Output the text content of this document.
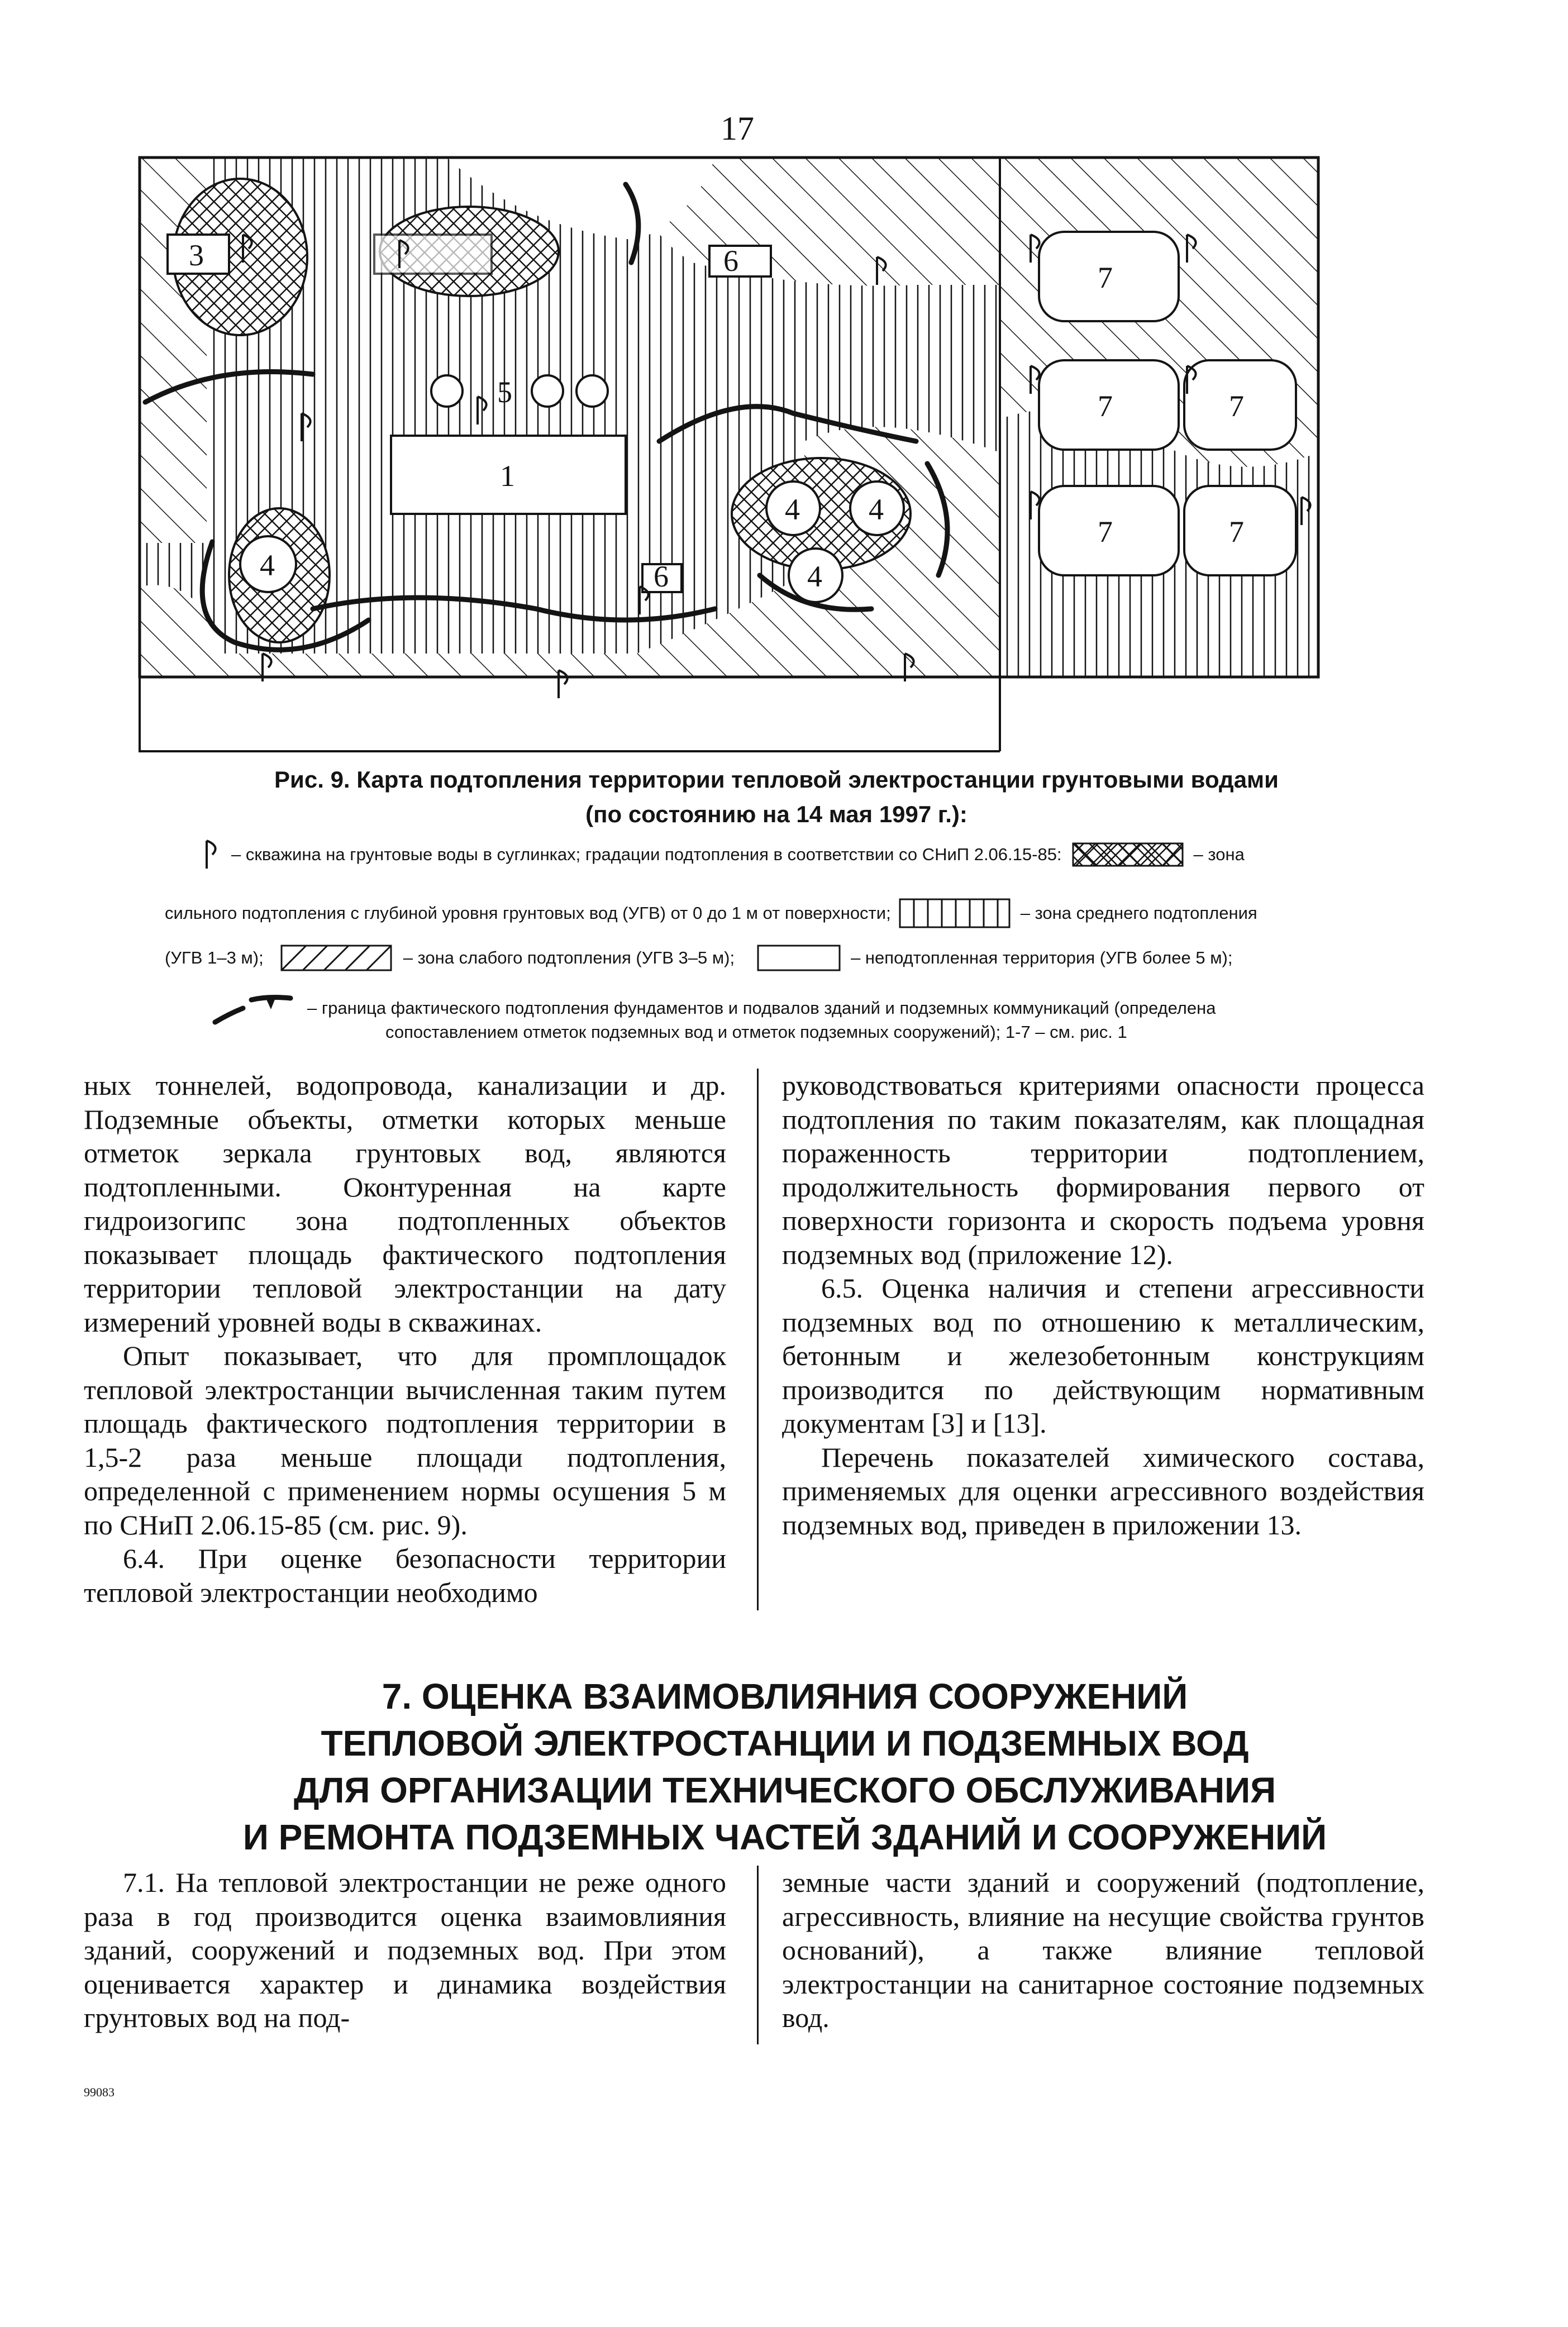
17
3
5
1
6
6
4 4
4
4
7
7	7
7	7
Рис. 9. Карта подтопления территории тепловой электростанции грунтовыми водами
(по состоянию на 14 мая 1997 г.):
– скважина на грунтовые воды в суглинках; градации подтопления в соответствии со СНиП 2.06.15-85:	– зона
сильного подтопления с глубиной уровня грунтовых вод (УГВ) от 0 до 1 м от поверхности;	– зона среднего подтопления
(УГВ 1–3 м);	– зона слабого подтопления (УГВ 3–5 м);	– неподтопленная территория (УГВ более 5 м);
– граница фактического подтопления фундаментов и подвалов зданий и подземных коммуникаций (определена
сопоставлением отметок подземных вод и отметок подземных сооружений); 1-7 – см. рис. 1

ных тоннелей, водопровода, канализации и др. Подземные объекты, отметки которых меньше отметок зеркала грунтовых вод, являются подтопленными. Оконтуренная на карте гидроизогипс зона подтопленных объектов показывает площадь фактического подтопления территории тепловой электростанции на дату измерений уровней воды в скважинах.

Опыт показывает, что для промплощадок тепловой электростанции вычисленная таким путем площадь фактического подтопления территории в 1,5-2 раза меньше площади подтопления, определенной с применением нормы осушения 5 м по СНиП 2.06.15-85 (см. рис. 9).

6.4. При оценке безопасности территории тепловой электростанции необходимо

руководствоваться критериями опасности процесса подтопления по таким показателям, как площадная пораженность территории подтоплением, продолжительность формирования первого от поверхности горизонта и скорость подъема уровня подземных вод (приложение 12).

6.5. Оценка наличия и степени агрессивности подземных вод по отношению к металлическим, бетонным и железобетонным конструкциям производится по действующим нормативным документам [3] и [13].

Перечень показателей химического состава, применяемых для оценки агрессивного воздействия подземных вод, приведен в приложении 13.

7. ОЦЕНКА ВЗАИМОВЛИЯНИЯ СООРУЖЕНИЙ
ТЕПЛОВОЙ ЭЛЕКТРОСТАНЦИИ И ПОДЗЕМНЫХ ВОД
ДЛЯ ОРГАНИЗАЦИИ ТЕХНИЧЕСКОГО ОБСЛУЖИВАНИЯ
И РЕМОНТА ПОДЗЕМНЫХ ЧАСТЕЙ ЗДАНИЙ И СООРУЖЕНИЙ

7.1. На тепловой электростанции не реже одного раза в год производится оценка взаимовлияния зданий, сооружений и подземных вод. При этом оценивается характер и динамика воздействия грунтовых вод на под-

земные части зданий и сооружений (подтопление, агрессивность, влияние на несущие свойства грунтов оснований), а также влияние тепловой электростанции на санитарное состояние подземных вод.

99083
